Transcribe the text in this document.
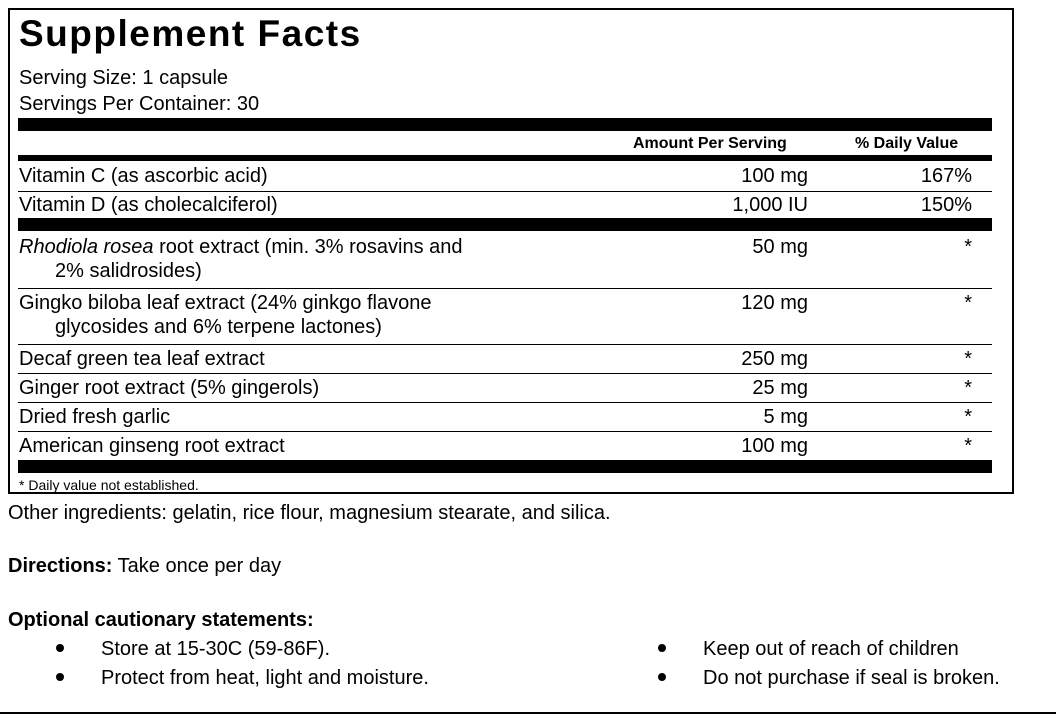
Supplement Facts
Serving Size: 1 capsule
Servings Per Container: 30
Amount Per Serving	% Daily Value
Vitamin C (as ascorbic acid)	100 mg	167%
Vitamin D (as cholecalciferol)	1,000 IU	150%
Rhodiola rosea root extract (min. 3% rosavins and
2% salidrosides)
50 mg	*
Gingko biloba leaf extract (24% ginkgo flavone
glycosides and 6% terpene lactones)
120 mg	*
Decaf green tea leaf extract	250 mg	*
Ginger root extract (5% gingerols)	25 mg	*
Dried fresh garlic	5 mg	*
American ginseng root extract	100 mg	*
* Daily value not established.
Other ingredients: gelatin, rice flour, magnesium stearate, and silica.
Directions: Take once per day
Optional cautionary statements:
Store at 15-30C (59-86F).
Protect from heat, light and moisture.
Keep out of reach of children
Do not purchase if seal is broken.
